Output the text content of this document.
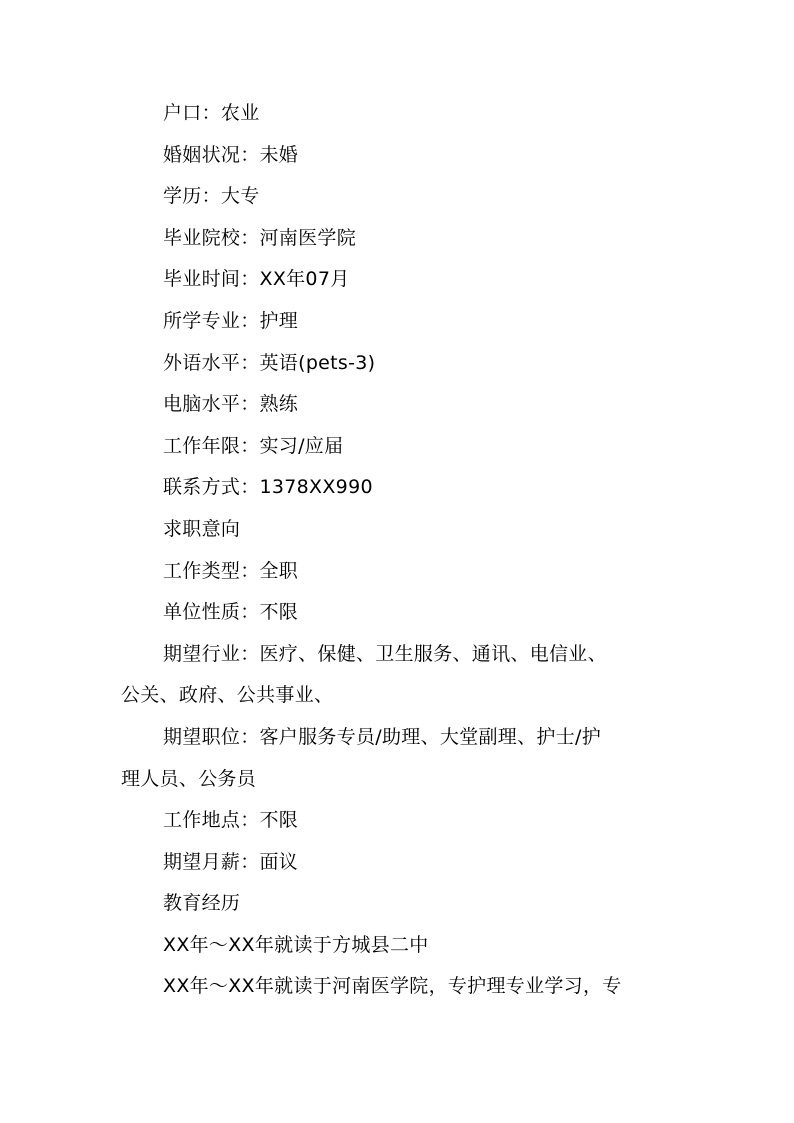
户口：农业
婚姻状况：未婚
学历：大专
毕业院校：河南医学院
毕业时间：XX年07月
所学专业：护理
外语水平：英语(pets-3)
电脑水平：熟练
工作年限：实习/应届
联系方式：1378XX990
求职意向
工作类型：全职
单位性质：不限
期望行业：医疗、保健、卫生服务、通讯、电信业、
公关、政府、公共事业、
期望职位：客户服务专员/助理、大堂副理、护士/护
理人员、公务员
工作地点：不限
期望月薪：面议
教育经历
XX年～XX年就读于方城县二中
XX年～XX年就读于河南医学院，专护理专业学习，专
